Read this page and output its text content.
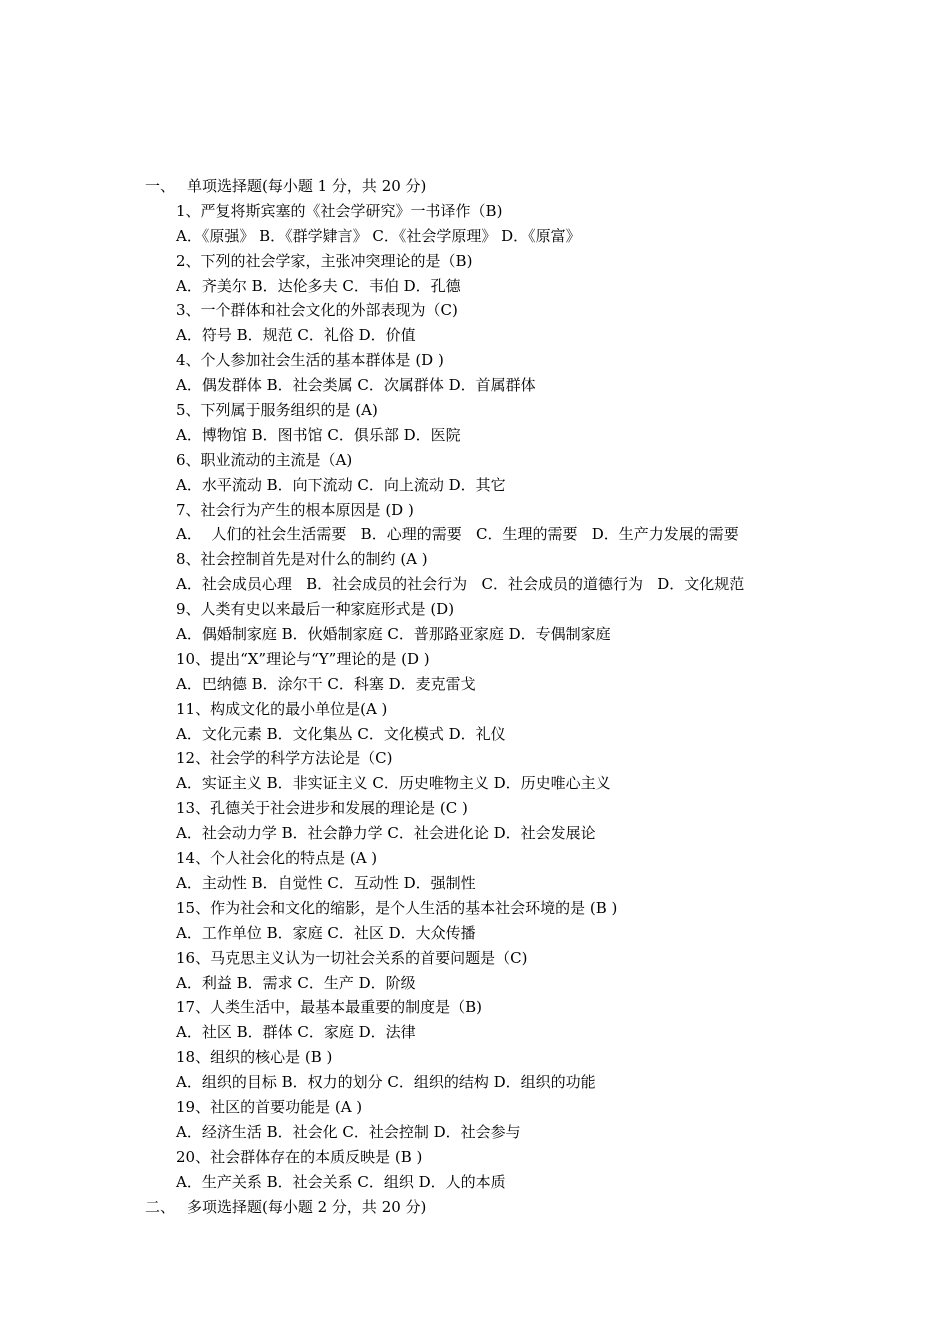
一、 单项选择题(每小题 1 分，共 20 分)
1、严复将斯宾塞的《社会学研究》一书译作（B)
A．《原强》 B．《群学肄言》 C．《社会学原理》 D．《原富》
2、下列的社会学家，主张冲突理论的是（B)
A．齐美尔 B．达伦多夫 C．韦伯 D．孔德
3、一个群体和社会文化的外部表现为（C)
A．符号 B．规范 C．礼俗 D．价值
4、个人参加社会生活的基本群体是 (D )
A．偶发群体 B．社会类属 C．次属群体 D．首属群体
5、下列属于服务组织的是 (A)
A．博物馆 B．图书馆 C．俱乐部 D．医院
6、职业流动的主流是（A)
A．水平流动 B．向下流动 C．向上流动 D．其它
7、社会行为产生的根本原因是 (D )
A．  人们的社会生活需要   B．心理的需要   C．生理的需要   D．生产力发展的需要
8、社会控制首先是对什么的制约 (A )
A．社会成员心理   B．社会成员的社会行为   C．社会成员的道德行为   D．文化规范
9、人类有史以来最后一种家庭形式是 (D)
A．偶婚制家庭 B．伙婚制家庭 C．普那路亚家庭 D．专偶制家庭
10、提出“X”理论与“Y”理论的是 (D )
A．巴纳德 B．涂尔干 C．科塞 D．麦克雷戈
11、构成文化的最小单位是(A )
A．文化元素 B．文化集丛 C．文化模式 D．礼仪
12、社会学的科学方法论是（C)
A．实证主义 B．非实证主义 C．历史唯物主义 D．历史唯心主义
13、孔德关于社会进步和发展的理论是 (C )
A．社会动力学 B．社会静力学 C．社会进化论 D．社会发展论
14、个人社会化的特点是 (A )
A．主动性 B．自觉性 C．互动性 D．强制性
15、作为社会和文化的缩影，是个人生活的基本社会环境的是 (B )
A．工作单位 B．家庭 C．社区 D．大众传播
16、马克思主义认为一切社会关系的首要问题是（C)
A．利益 B．需求 C．生产 D．阶级
17、人类生活中，最基本最重要的制度是（B)
A．社区 B．群体 C．家庭 D．法律
18、组织的核心是 (B )
A．组织的目标 B．权力的划分 C．组织的结构 D．组织的功能
19、社区的首要功能是 (A )
A．经济生活 B．社会化 C．社会控制 D．社会参与
20、社会群体存在的本质反映是 (B )
A．生产关系 B．社会关系 C．组织 D．人的本质
二、 多项选择题(每小题 2 分，共 20 分)
